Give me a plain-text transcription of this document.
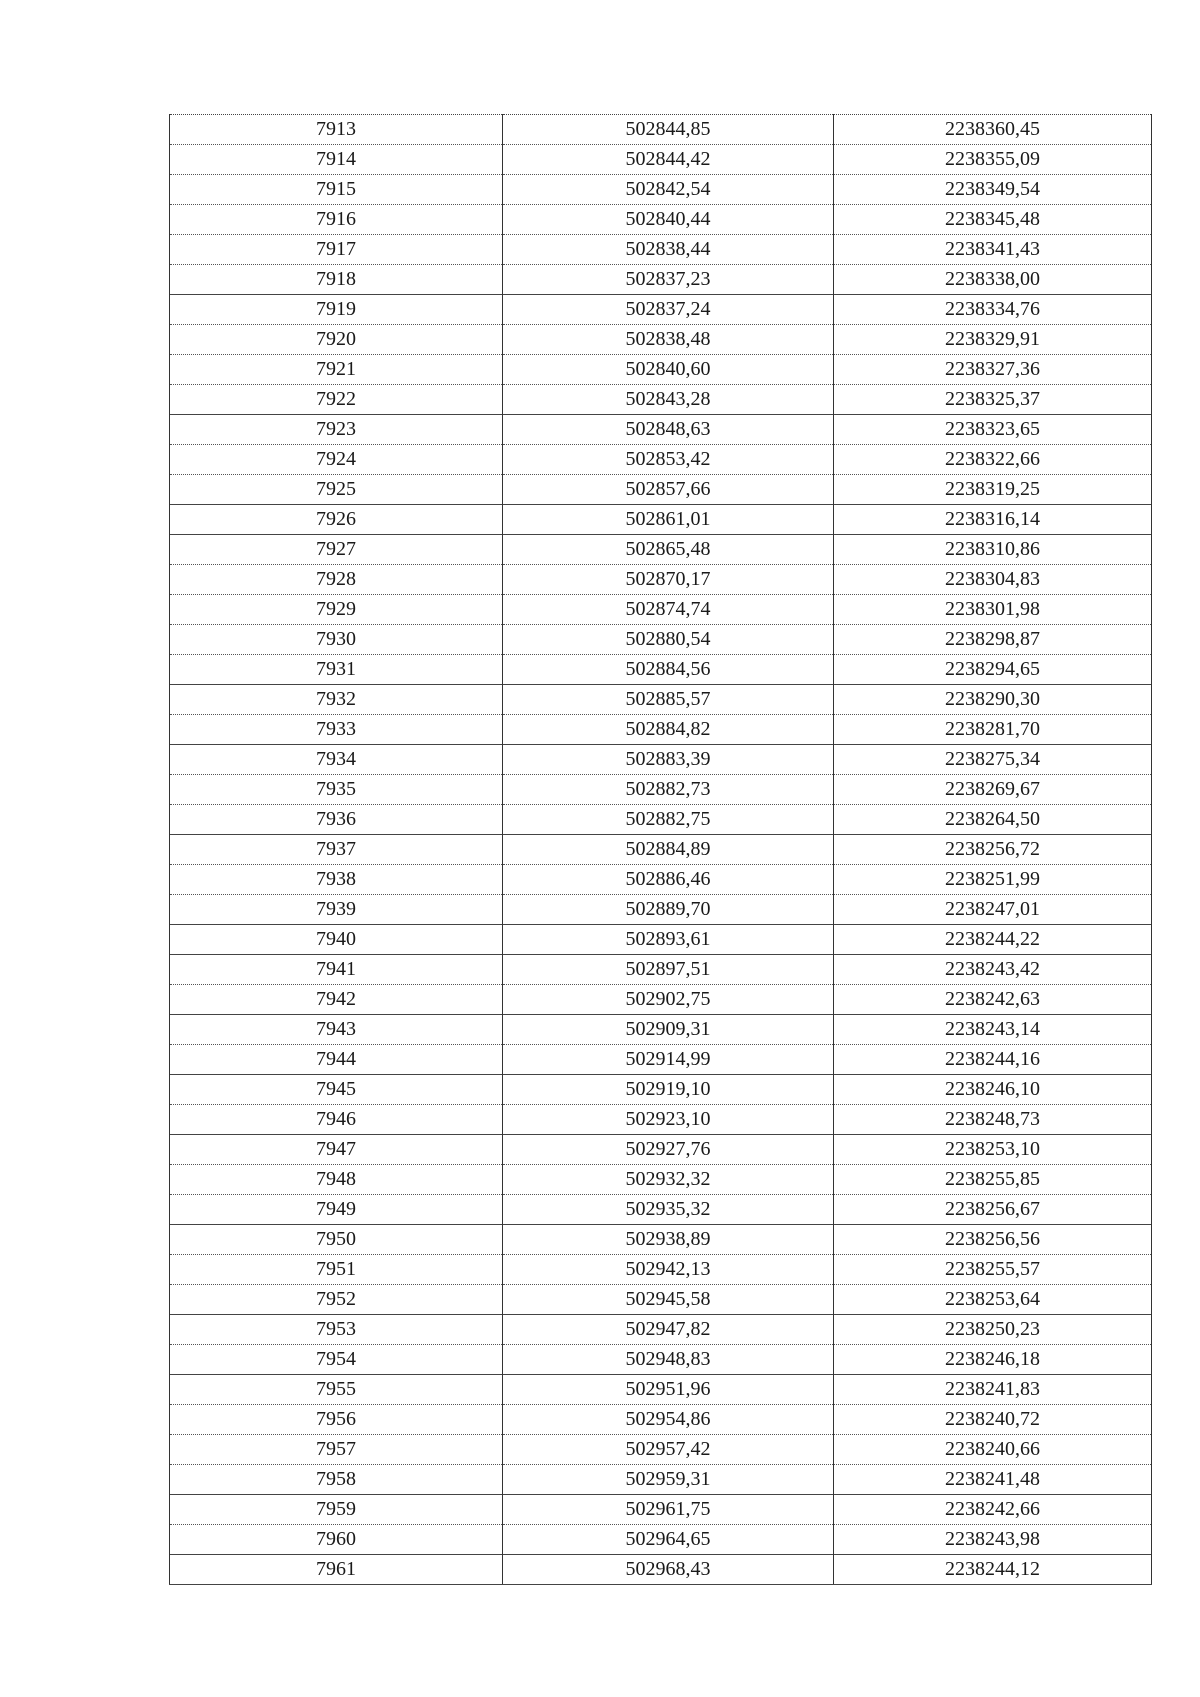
7913	502844,85	2238360,45
7914	502844,42	2238355,09
7915	502842,54	2238349,54
7916	502840,44	2238345,48
7917	502838,44	2238341,43
7918	502837,23	2238338,00
7919	502837,24	2238334,76
7920	502838,48	2238329,91
7921	502840,60	2238327,36
7922	502843,28	2238325,37
7923	502848,63	2238323,65
7924	502853,42	2238322,66
7925	502857,66	2238319,25
7926	502861,01	2238316,14
7927	502865,48	2238310,86
7928	502870,17	2238304,83
7929	502874,74	2238301,98
7930	502880,54	2238298,87
7931	502884,56	2238294,65
7932	502885,57	2238290,30
7933	502884,82	2238281,70
7934	502883,39	2238275,34
7935	502882,73	2238269,67
7936	502882,75	2238264,50
7937	502884,89	2238256,72
7938	502886,46	2238251,99
7939	502889,70	2238247,01
7940	502893,61	2238244,22
7941	502897,51	2238243,42
7942	502902,75	2238242,63
7943	502909,31	2238243,14
7944	502914,99	2238244,16
7945	502919,10	2238246,10
7946	502923,10	2238248,73
7947	502927,76	2238253,10
7948	502932,32	2238255,85
7949	502935,32	2238256,67
7950	502938,89	2238256,56
7951	502942,13	2238255,57
7952	502945,58	2238253,64
7953	502947,82	2238250,23
7954	502948,83	2238246,18
7955	502951,96	2238241,83
7956	502954,86	2238240,72
7957	502957,42	2238240,66
7958	502959,31	2238241,48
7959	502961,75	2238242,66
7960	502964,65	2238243,98
7961	502968,43	2238244,12
